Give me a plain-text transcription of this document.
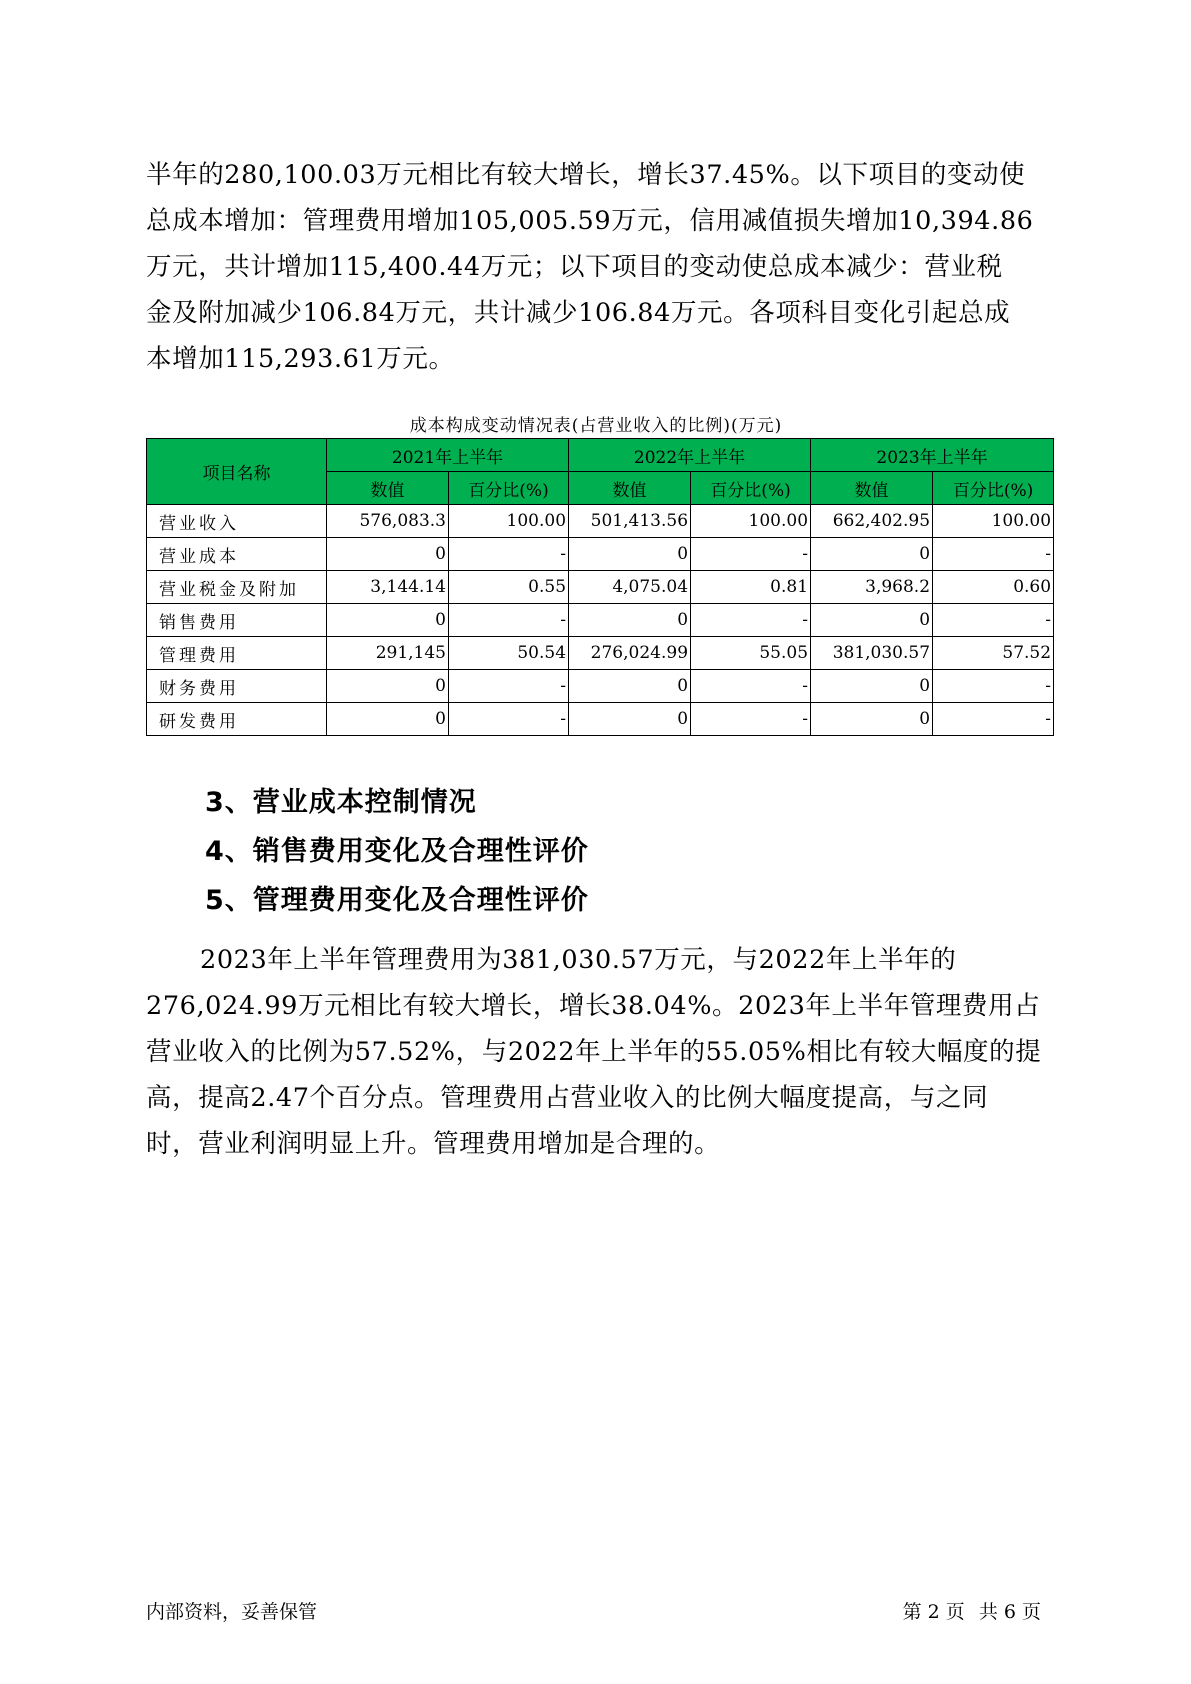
半年的280,100.03万元相比有较大增长，增长37.45%。以下项目的变动使
总成本增加：管理费用增加105,005.59万元，信用减值损失增加10,394.86
万元，共计增加115,400.44万元；以下项目的变动使总成本减少：营业税
金及附加减少106.84万元，共计减少106.84万元。各项科目变化引起总成
本增加115,293.61万元。
成本构成变动情况表(占营业收入的比例)(万元)
项目名称	2021年上半年		2022年上半年		2023年上半年	
	数值	百分比(%)	数值	百分比(%)	数值	百分比(%)
营业收入	576,083.3	100.00	501,413.56	100.00	662,402.95	100.00
营业成本	0	-	0	-	0	-
营业税金及附加	3,144.14	0.55	4,075.04	0.81	3,968.2	0.60
销售费用	0	-	0	-	0	-
管理费用	291,145	50.54	276,024.99	55.05	381,030.57	57.52
财务费用	0	-	0	-	0	-
研发费用	0	-	0	-	0	-
3、营业成本控制情况
4、销售费用变化及合理性评价
5、管理费用变化及合理性评价
2023年上半年管理费用为381,030.57万元，与2022年上半年的
276,024.99万元相比有较大增长，增长38.04%。2023年上半年管理费用占
营业收入的比例为57.52%，与2022年上半年的55.05%相比有较大幅度的提
高，提高2.47个百分点。管理费用占营业收入的比例大幅度提高，与之同
时，营业利润明显上升。管理费用增加是合理的。
内部资料，妥善保管	第 2 页 共 6 页
